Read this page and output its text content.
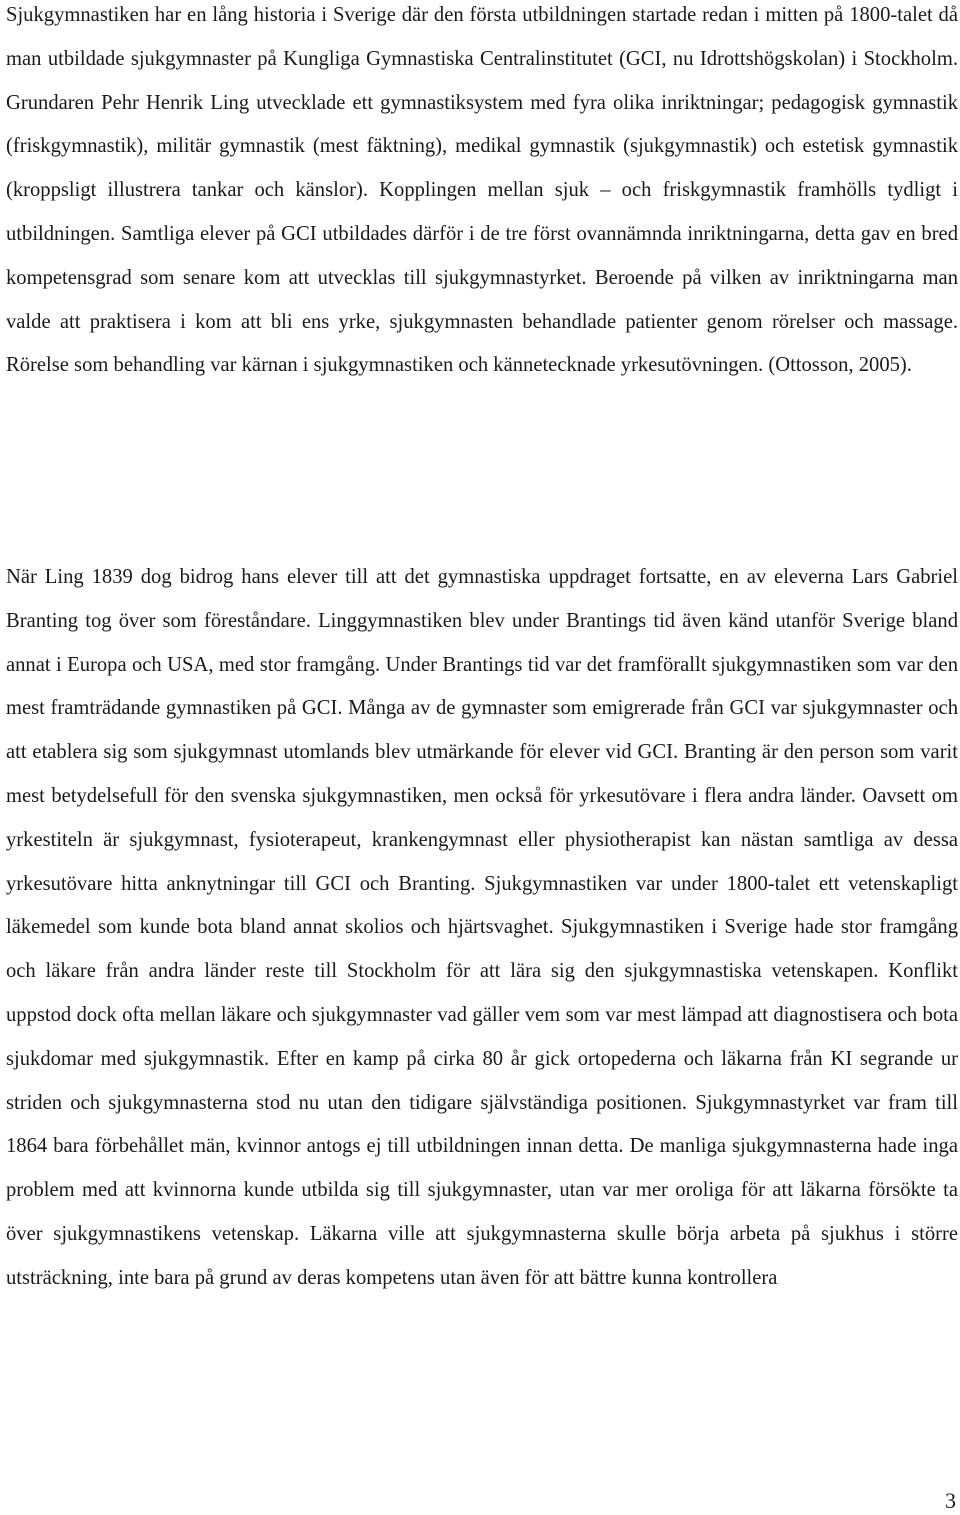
Sjukgymnastiken har en lång historia i Sverige där den första utbildningen startade redan i mitten på 1800-talet då man utbildade sjukgymnaster på Kungliga Gymnastiska Centralinstitutet (GCI, nu Idrottshögskolan) i Stockholm. Grundaren Pehr Henrik Ling utvecklade ett gymnastiksystem med fyra olika inriktningar; pedagogisk gymnastik (friskgymnastik), militär gymnastik (mest fäktning), medikal gymnastik (sjukgymnastik) och estetisk gymnastik (kroppsligt illustrera tankar och känslor). Kopplingen mellan sjuk – och friskgymnastik framhölls tydligt i utbildningen. Samtliga elever på GCI utbildades därför i de tre först ovannämnda inriktningarna, detta gav en bred kompetensgrad som senare kom att utvecklas till sjukgymnastyrket. Beroende på vilken av inriktningarna man valde att praktisera i kom att bli ens yrke, sjukgymnasten behandlade patienter genom rörelser och massage. Rörelse som behandling var kärnan i sjukgymnastiken och kännetecknade yrkesutövningen. (Ottosson, 2005).

När Ling 1839 dog bidrog hans elever till att det gymnastiska uppdraget fortsatte, en av eleverna Lars Gabriel Branting tog över som föreståndare. Linggymnastiken blev under Brantings tid även känd utanför Sverige bland annat i Europa och USA, med stor framgång. Under Brantings tid var det framförallt sjukgymnastiken som var den mest framträdande gymnastiken på GCI. Många av de gymnaster som emigrerade från GCI var sjukgymnaster och att etablera sig som sjukgymnast utomlands blev utmärkande för elever vid GCI. Branting är den person som varit mest betydelsefull för den svenska sjukgymnastiken, men också för yrkesutövare i flera andra länder. Oavsett om yrkestiteln är sjukgymnast, fysioterapeut, krankengymnast eller physiotherapist kan nästan samtliga av dessa yrkesutövare hitta anknytningar till GCI och Branting. Sjukgymnastiken var under 1800-talet ett vetenskapligt läkemedel som kunde bota bland annat skolios och hjärtsvaghet. Sjukgymnastiken i Sverige hade stor framgång och läkare från andra länder reste till Stockholm för att lära sig den sjukgymnastiska vetenskapen. Konflikt uppstod dock ofta mellan läkare och sjukgymnaster vad gäller vem som var mest lämpad att diagnostisera och bota sjukdomar med sjukgymnastik. Efter en kamp på cirka 80 år gick ortopederna och läkarna från KI segrande ur striden och sjukgymnasterna stod nu utan den tidigare självständiga positionen. Sjukgymnastyrket var fram till 1864 bara förbehållet män, kvinnor antogs ej till utbildningen innan detta. De manliga sjukgymnasterna hade inga problem med att kvinnorna kunde utbilda sig till sjukgymnaster, utan var mer oroliga för att läkarna försökte ta över sjukgymnastikens vetenskap. Läkarna ville att sjukgymnasterna skulle börja arbeta på sjukhus i större utsträckning, inte bara på grund av deras kompetens utan även för att bättre kunna kontrollera

3
